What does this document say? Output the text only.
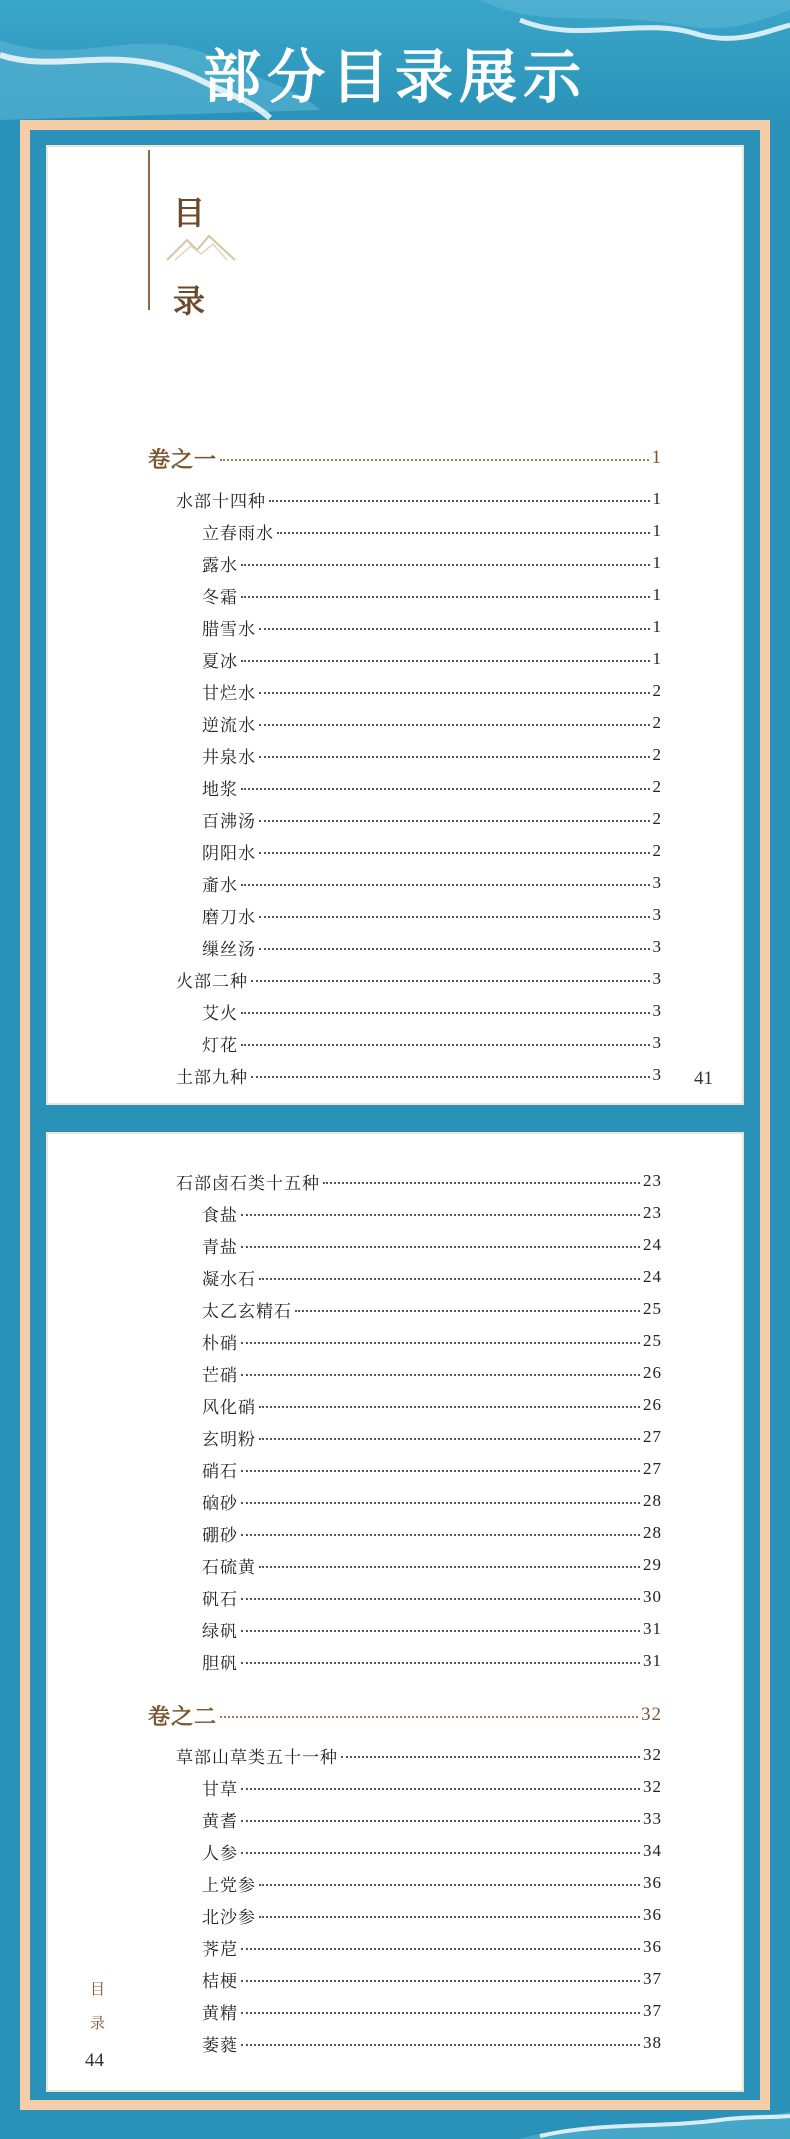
部分目录展示
目
录
卷之一	1
水部十四种	1
立春雨水	1
露水	1
冬霜	1
腊雪水	1
夏冰	1
甘烂水	2
逆流水	2
井泉水	2
地浆	2
百沸汤	2
阴阳水	2
齑水	3
磨刀水	3
缫丝汤	3
火部二种	3
艾火	3
灯花	3
土部九种	3 41
石部卤石类十五种	23
食盐	23
青盐	24
凝水石	24
太乙玄精石	25
朴硝	25
芒硝	26
风化硝	26
玄明粉	27
硝石	27
硇砂	28
硼砂	28
石硫黄	29
矾石	30
绿矾	31
胆矾	31
卷之二	32
草部山草类五十一种	32
甘草	32
黄耆	33
人参	34
上党参	36
北沙参	36
荠苨	36
桔梗	37
黄精	37
萎蕤	38
目
录
44
